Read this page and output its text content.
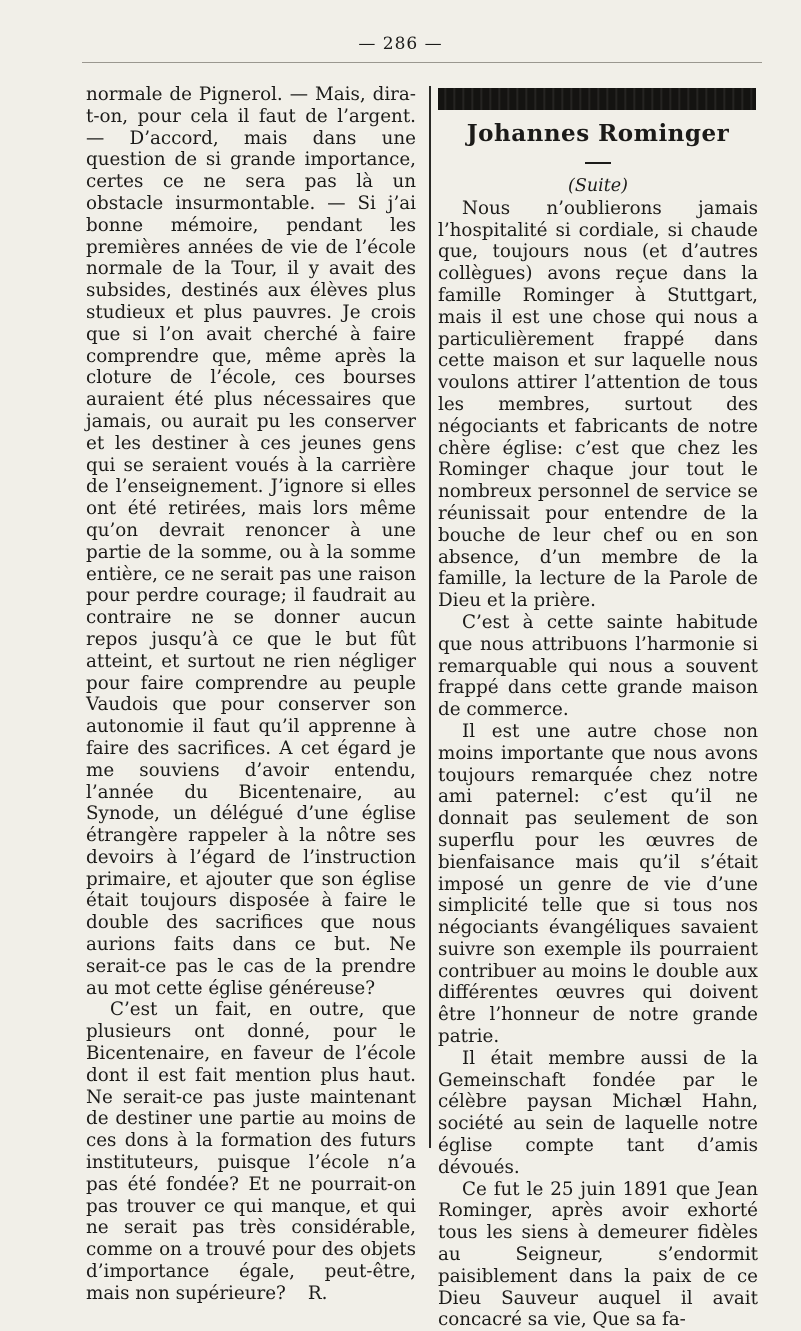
— 286 —

normale de Pignerol. — Mais, dira-t-on, pour cela il faut de l’argent. — D’accord, mais dans une question de si grande importance, certes ce ne sera pas là un obstacle insurmontable. — Si j’ai bonne mémoire, pendant les premières années de vie de l’école normale de la Tour, il y avait des subsides, destinés aux élèves plus studieux et plus pauvres. Je crois que si l’on avait cherché à faire comprendre que, même après la cloture de l’école, ces bourses auraient été plus nécessaires que jamais, ou aurait pu les conserver et les destiner à ces jeunes gens qui se seraient voués à la carrière de l’enseignement. J’ignore si elles ont été retirées, mais lors même qu’on devrait renoncer à une partie de la somme, ou à la somme entière, ce ne serait pas une raison pour perdre courage; il faudrait au contraire ne se donner aucun repos jusqu’à ce que le but fût atteint, et surtout ne rien négliger pour faire comprendre au peuple Vaudois que pour conserver son autonomie il faut qu’il apprenne à faire des sacrifices. A cet égard je me souviens d’avoir entendu, l’année du Bicentenaire, au Synode, un délégué d’une église étrangère rappeler à la nôtre ses devoirs à l’égard de l’instruction primaire, et ajouter que son église était toujours disposée à faire le double des sacrifices que nous aurions faits dans ce but. Ne serait-ce pas le cas de la prendre au mot cette église généreuse?

C’est un fait, en outre, que plusieurs ont donné, pour le Bicentenaire, en faveur de l’école dont il est fait mention plus haut. Ne serait-ce pas juste maintenant de destiner une partie au moins de ces dons à la formation des futurs instituteurs, puisque l’école n’a pas été fondée? Et ne pourrait-on pas trouver ce qui manque, et qui ne serait pas très considérable, comme on a trouvé pour des objets d’importance égale, peut-être, mais non supérieure? R.

Johannes Rominger

(Suite)

Nous n’oublierons jamais l’hospitalité si cordiale, si chaude que, toujours nous (et d’autres collègues) avons reçue dans la famille Rominger à Stuttgart, mais il est une chose qui nous a particulièrement frappé dans cette maison et sur laquelle nous voulons attirer l’attention de tous les membres, surtout des négociants et fabricants de notre chère église: c’est que chez les Rominger chaque jour tout le nombreux personnel de service se réunissait pour entendre de la bouche de leur chef ou en son absence, d’un membre de la famille, la lecture de la Parole de Dieu et la prière.

C’est à cette sainte habitude que nous attribuons l’harmonie si remarquable qui nous a souvent frappé dans cette grande maison de commerce.

Il est une autre chose non moins importante que nous avons toujours remarquée chez notre ami paternel: c’est qu’il ne donnait pas seulement de son superflu pour les œuvres de bienfaisance mais qu’il s’était imposé un genre de vie d’une simplicité telle que si tous nos négociants évangéliques savaient suivre son exemple ils pourraient contribuer au moins le double aux différentes œuvres qui doivent être l’honneur de notre grande patrie.

Il était membre aussi de la Gemeinschaft fondée par le célèbre paysan Michæl Hahn, société au sein de laquelle notre église compte tant d’amis dévoués.

Ce fut le 25 juin 1891 que Jean Rominger, après avoir exhorté tous les siens à demeurer fidèles au Seigneur, s’endormit paisiblement dans la paix de ce Dieu Sauveur auquel il avait concacré sa vie, Que sa fa-
